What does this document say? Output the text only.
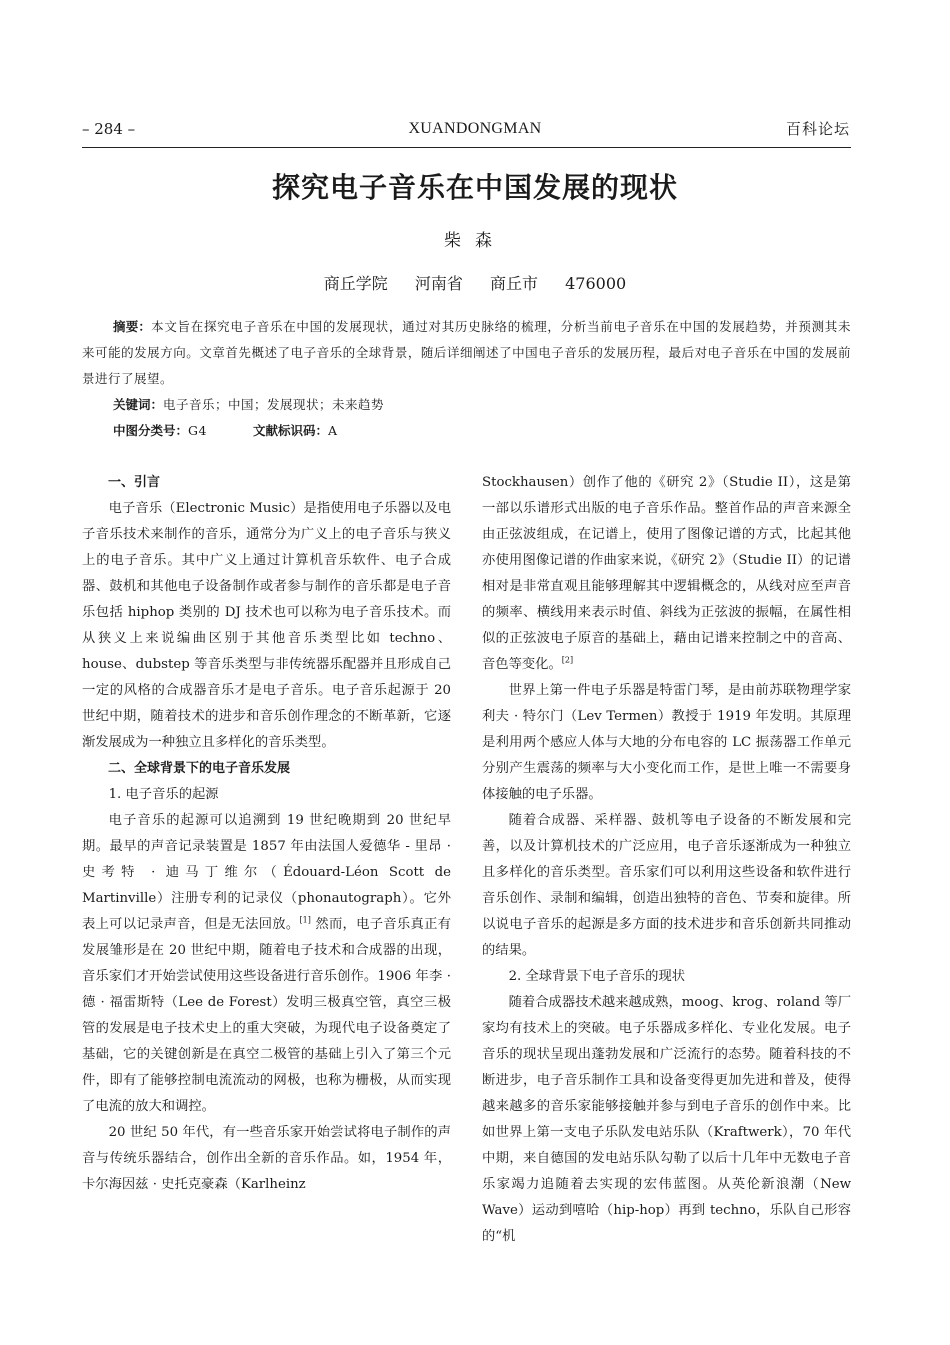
– 284 –	XUANDONGMAN	百科论坛
探究电子音乐在中国发展的现状
柴森
商丘学院 河南省 商丘市 476000
摘要：本文旨在探究电子音乐在中国的发展现状，通过对其历史脉络的梳理，分析当前电子音乐在中国的发展趋势，并预测其未来可能的发展方向。文章首先概述了电子音乐的全球背景，随后详细阐述了中国电子音乐的发展历程，最后对电子音乐在中国的发展前景进行了展望。
关键词：电子音乐；中国；发展现状；未来趋势
中图分类号：G4	文献标识码：A
一、引言

电子音乐（Electronic Music）是指使用电子乐器以及电子音乐技术来制作的音乐，通常分为广义上的电子音乐与狭义上的电子音乐。其中广义上通过计算机音乐软件、电子合成器、鼓机和其他电子设备制作或者参与制作的音乐都是电子音乐包括 hiphop 类别的 DJ 技术也可以称为电子音乐技术。而从狭义上来说编曲区别于其他音乐类型比如 techno、house、dubstep 等音乐类型与非传统器乐配器并且形成自己一定的风格的合成器音乐才是电子音乐。电子音乐起源于 20 世纪中期，随着技术的进步和音乐创作理念的不断革新，它逐渐发展成为一种独立且多样化的音乐类型。

二、全球背景下的电子音乐发展
1. 电子音乐的起源

电子音乐的起源可以追溯到 19 世纪晚期到 20 世纪早期。最早的声音记录装置是 1857 年由法国人爱德华 - 里昂 · 史考特 · 迪马丁维尔（Édouard-Léon Scott de Martinville）注册专利的记录仪（phonautograph）。它外表上可以记录声音，但是无法回放。[1] 然而，电子音乐真正有发展雏形是在 20 世纪中期，随着电子技术和合成器的出现，音乐家们才开始尝试使用这些设备进行音乐创作。1906 年李 · 德 · 福雷斯特（Lee de Forest）发明三极真空管，真空三极管的发展是电子技术史上的重大突破，为现代电子设备奠定了基础，它的关键创新是在真空二极管的基础上引入了第三个元件，即有了能够控制电流流动的网极，也称为栅极，从而实现了电流的放大和调控。

20 世纪 50 年代，有一些音乐家开始尝试将电子制作的声音与传统乐器结合，创作出全新的音乐作品。如，1954 年，卡尔海因兹 · 史托克豪森（Karlheinz

Stockhausen）创作了他的《研究 2》（Studie II），这是第一部以乐谱形式出版的电子音乐作品。整首作品的声音来源全由正弦波组成，在记谱上，使用了图像记谱的方式，比起其他亦使用图像记谱的作曲家来说，《研究 2》（Studie II）的记谱相对是非常直观且能够理解其中逻辑概念的，从线对应至声音的频率、横线用来表示时值、斜线为正弦波的振幅，在属性相似的正弦波电子原音的基础上，藉由记谱来控制之中的音高、音色等变化。[2]

世界上第一件电子乐器是特雷门琴，是由前苏联物理学家利夫 · 特尔门（Lev Termen）教授于 1919 年发明。其原理是利用两个感应人体与大地的分布电容的 LC 振荡器工作单元分别产生震荡的频率与大小变化而工作，是世上唯一不需要身体接触的电子乐器。

随着合成器、采样器、鼓机等电子设备的不断发展和完善，以及计算机技术的广泛应用，电子音乐逐渐成为一种独立且多样化的音乐类型。音乐家们可以利用这些设备和软件进行音乐创作、录制和编辑，创造出独特的音色、节奏和旋律。所以说电子音乐的起源是多方面的技术进步和音乐创新共同推动的结果。

2. 全球背景下电子音乐的现状

随着合成器技术越来越成熟，moog、krog、roland 等厂家均有技术上的突破。电子乐器成多样化、专业化发展。电子音乐的现状呈现出蓬勃发展和广泛流行的态势。随着科技的不断进步，电子音乐制作工具和设备变得更加先进和普及，使得越来越多的音乐家能够接触并参与到电子音乐的创作中来。比如世界上第一支电子乐队发电站乐队（Kraftwerk），70 年代中期，来自德国的发电站乐队勾勒了以后十几年中无数电子音乐家竭力追随着去实现的宏伟蓝图。从英伦新浪潮（New Wave）运动到嘻哈（hip-hop）再到 techno，乐队自己形容的“机
